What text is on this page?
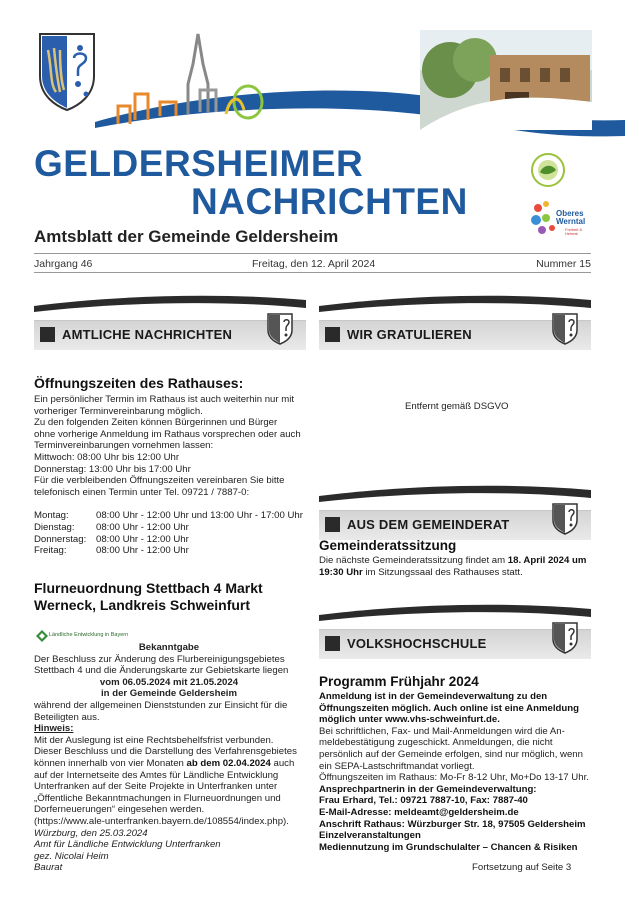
GELDERSHEIMER
NACHRICHTEN
Amtsblatt der Gemeinde Geldersheim
Oberes Werntal
Freiheit & Heimat
Jahrgang 46	Freitag, den 12. April 2024	Nummer 15
AMTLICHE NACHRICHTEN	WIR GRATULIEREN
AUS DEM GEMEINDERAT
VOLKSHOCHSCHULE
Öffnungszeiten des Rathauses:
Ein persönlicher Termin im Rathaus ist auch weiterhin nur mit
vorheriger Terminvereinbarung möglich.
Zu den folgenden Zeiten können Bürgerinnen und Bürger
ohne vorherige Anmeldung im Rathaus vorsprechen oder auch
Terminvereinbarungen vornehmen lassen:
Mittwoch: 08:00 Uhr bis 12:00 Uhr
Donnerstag: 13:00 Uhr bis 17:00 Uhr
Für die verbleibenden Öffnungszeiten vereinbaren Sie bitte
telefonisch einen Termin unter Tel. 09721 / 7887-0:
Montag:	08:00 Uhr - 12:00 Uhr und 13:00 Uhr - 17:00 Uhr
Dienstag:	08:00 Uhr - 12:00 Uhr
Donnerstag:	08:00 Uhr - 12:00 Uhr
Freitag:	08:00 Uhr - 12:00 Uhr
Flurneuordnung Stettbach 4 Markt
Werneck, Landkreis Schweinfurt
Ländliche Entwicklung in Bayern
Bekanntgabe
Der Beschluss zur Änderung des Flurbereinigungsgebietes
Stettbach 4 und die Änderungskarte zur Gebietskarte liegen
vom 06.05.2024 mit 21.05.2024
in der Gemeinde Geldersheim
während der allgemeinen Dienststunden zur Einsicht für die
Beteiligten aus.
Hinweis:
Mit der Auslegung ist eine Rechtsbehelfsfrist verbunden.
Dieser Beschluss und die Darstellung des Verfahrensgebietes
können innerhalb von vier Monaten ab dem 02.04.2024 auch
auf der Internetseite des Amtes für Ländliche Entwicklung
Unterfranken auf der Seite Projekte in Unterfranken unter
„Öffentliche Bekanntmachungen in Flurneuordnungen und
Dorferneuerungen“ eingesehen werden.
(https://www.ale-unterfranken.bayern.de/108554/index.php).
Würzburg, den 25.03.2024
Amt für Ländliche Entwicklung Unterfranken
gez. Nicolai Heim
Baurat
Entfernt gemäß DSGVO
Gemeinderatssitzung
Die nächste Gemeinderatssitzung findet am 18. April 2024 um
19:30 Uhr im Sitzungssaal des Rathauses statt.
Programm Frühjahr 2024
Anmeldung ist in der Gemeindeverwaltung zu den
Öffnungszeiten möglich. Auch online ist eine Anmeldung
möglich unter www.vhs-schweinfurt.de.
Bei schriftlichen, Fax- und Mail-Anmeldungen wird die An-
meldebestätigung zugeschickt. Anmeldungen, die nicht
persönlich auf der Gemeinde erfolgen, sind nur möglich, wenn
ein SEPA-Lastschriftmandat vorliegt.
Öffnungszeiten im Rathaus: Mo-Fr 8-12 Uhr, Mo+Do 13-17 Uhr.
Ansprechpartnerin in der Gemeindeverwaltung:
Frau Erhard, Tel.: 09721 7887-10, Fax: 7887-40
E-Mail-Adresse: meldeamt@geldersheim.de
Anschrift Rathaus: Würzburger Str. 18, 97505 Geldersheim
Einzelveranstaltungen
Mediennutzung im Grundschulalter – Chancen & Risiken
Fortsetzung auf Seite 3
